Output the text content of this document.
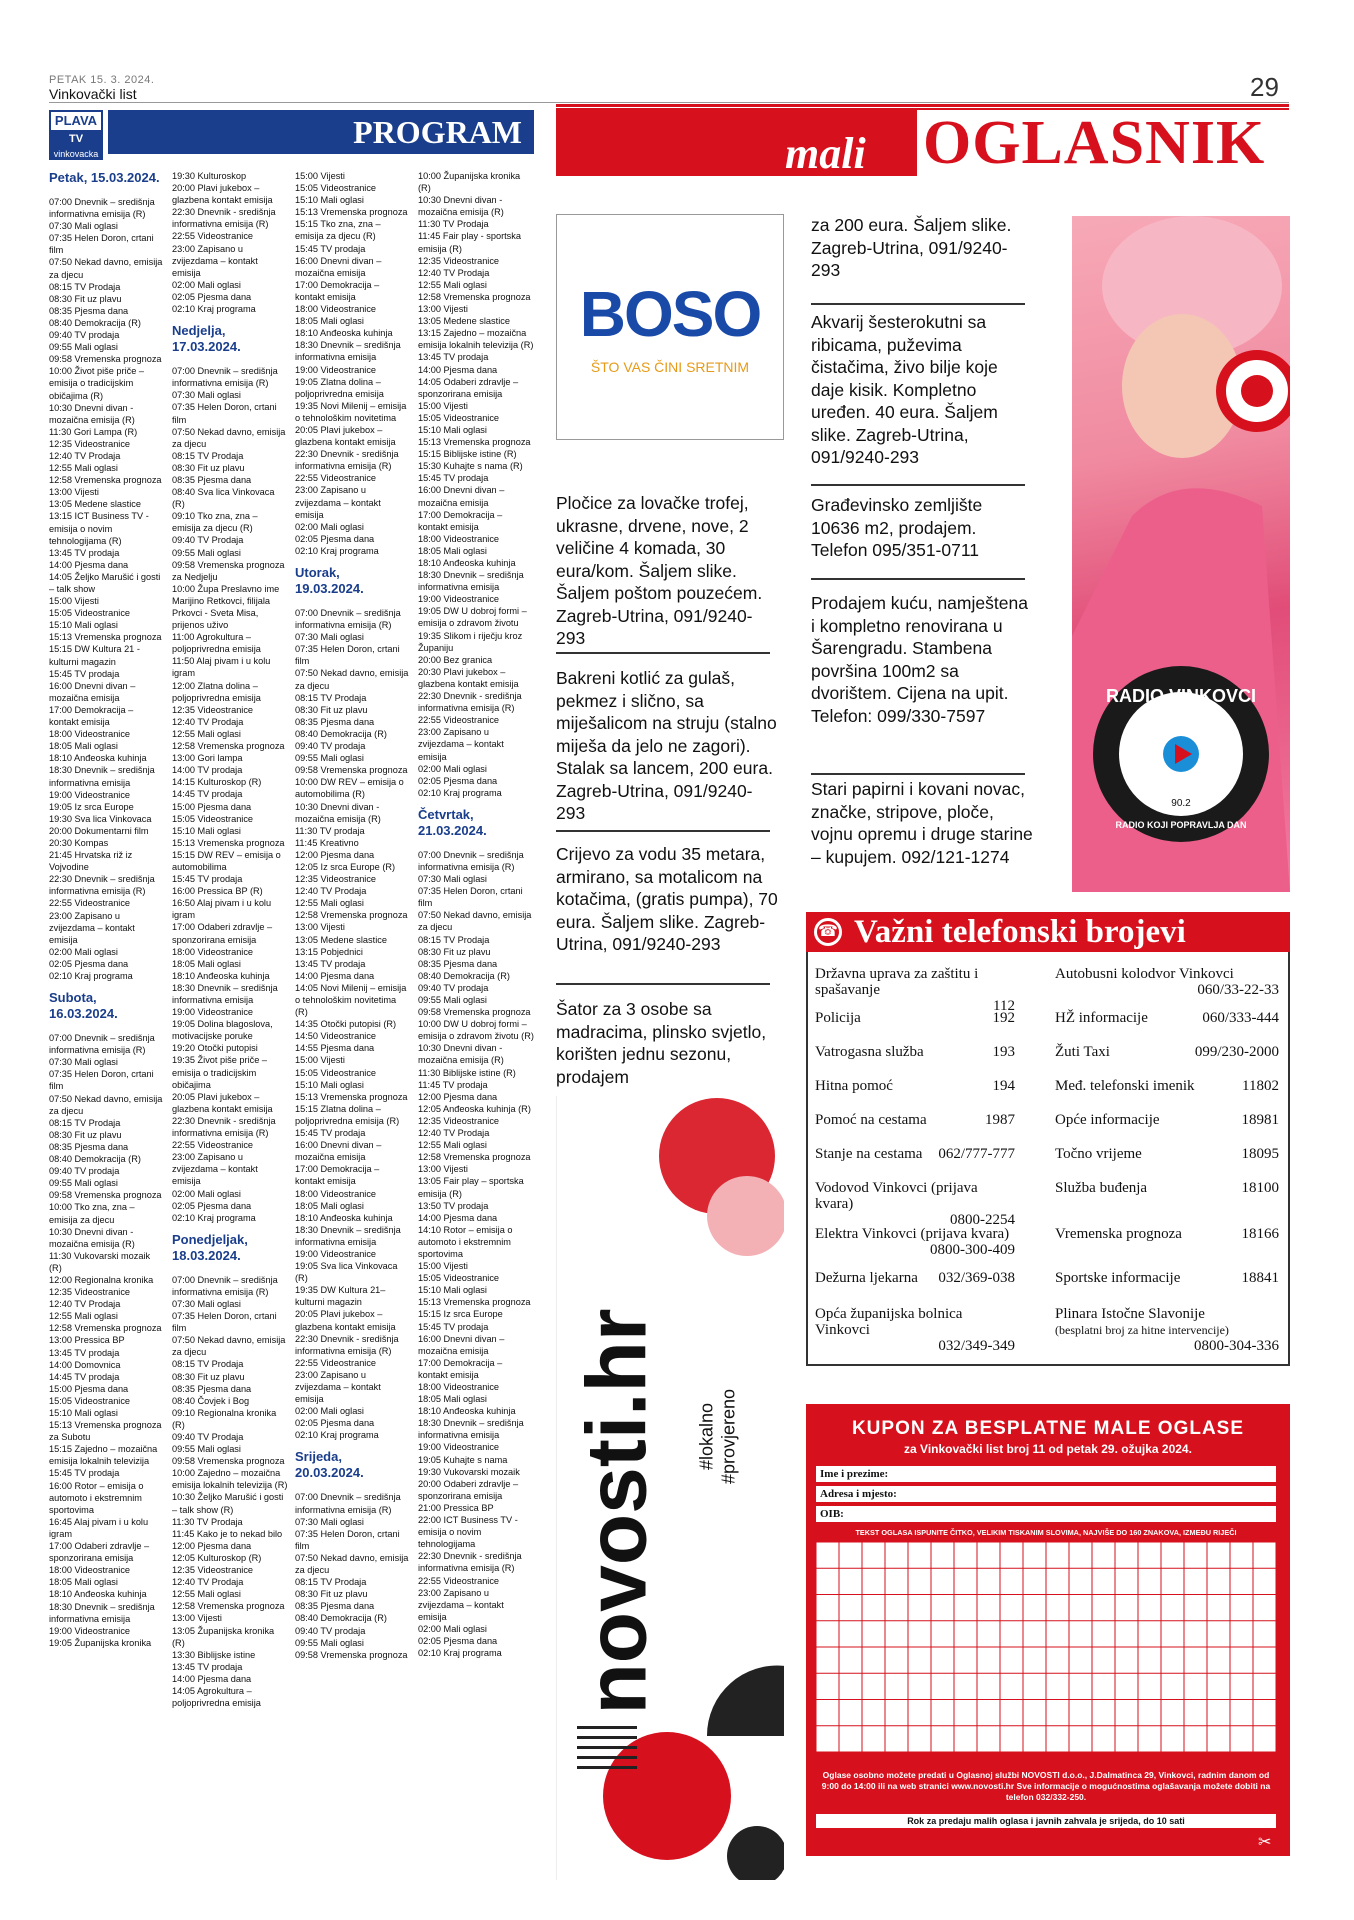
PETAK 15. 3. 2024.
Vinkovački list	29
PLAVA
TV
vinkovacka
PROGRAM
Petak, 15.03.2024.
07:00 Dnevnik – središnja informativna emisija (R)
07:30 Mali oglasi
07:35 Helen Doron, crtani film
07:50 Nekad davno, emisija za djecu
08:15 TV Prodaja
08:30 Fit uz plavu
08:35 Pjesma dana
08:40 Demokracija (R)
09:40 TV prodaja
09:55 Mali oglasi
09:58 Vremenska prognoza
10:00 Život piše priče – emisija o tradicijskim običajima (R)
10:30 Dnevni divan - mozaična emisija (R)
11:30 Gori Lampa (R)
12:35 Videostranice
12:40 TV Prodaja
12:55 Mali oglasi
12:58 Vremenska prognoza
13:00 Vijesti
13:05 Medene slastice
13:15 ICT Business TV - emisija o novim tehnologijama (R)
13:45 TV prodaja
14:00 Pjesma dana
14:05 Željko Marušić i gosti – talk show
15:00 Vijesti
15:05 Videostranice
15:10 Mali oglasi
15:13 Vremenska prognoza
15:15 DW Kultura 21 - kulturni magazin
15:45 TV prodaja
16:00 Dnevni divan – mozaična emisija
17:00 Demokracija – kontakt emisija
18:00 Videostranice
18:05 Mali oglasi
18:10 Anđeoska kuhinja
18:30 Dnevnik – središnja informativna emisija
19:00 Videostranice
19:05 Iz srca Europe
19:30 Sva lica Vinkovaca
20:00 Dokumentarni film
20:30 Kompas
21:45 Hrvatska riž iz Vojvodine
22:30 Dnevnik – središnja informativna emisija (R)
22:55 Videostranice
23:00 Zapisano u zvijezdama – kontakt emisija
02:00 Mali oglasi
02:05 Pjesma dana
02:10 Kraj programa
Subota, 16.03.2024.
07:00 Dnevnik – središnja informativna emisija (R)
07:30 Mali oglasi
07:35 Helen Doron, crtani film
07:50 Nekad davno, emisija za djecu
08:15 TV Prodaja
08:30 Fit uz plavu
08:35 Pjesma dana
08:40 Demokracija (R)
09:40 TV prodaja
09:55 Mali oglasi
09:58 Vremenska prognoza
10:00 Tko zna, zna – emisija za djecu
10:30 Dnevni divan - mozaična emisija (R)
11:30 Vukovarski mozaik (R)
12:00 Regionalna kronika
12:35 Videostranice
12:40 TV Prodaja
12:55 Mali oglasi
12:58 Vremenska prognoza
13:00 Pressica BP
13:45 TV prodaja
14:00 Domovnica
14:45 TV prodaja
15:00 Pjesma dana
15:05 Videostranice
15:10 Mali oglasi
15:13 Vremenska prognoza za Subotu
15:15 Zajedno – mozaična emisija lokalnih televizija
15:45 TV prodaja
16:00 Rotor – emisija o automoto i ekstremnim sportovima
16:45 Alaj pivam i u kolu igram
17:00 Odaberi zdravlje – sponzorirana emisija
18:00 Videostranice
18:05 Mali oglasi
18:10 Anđeoska kuhinja
18:30 Dnevnik – središnja informativna emisija
19:00 Videostranice
19:05 Županijska kronika
19:30 Kulturoskop
20:00 Plavi jukebox – glazbena kontakt emisija
22:30 Dnevnik - središnja informativna emisija (R)
22:55 Videostranice
23:00 Zapisano u zvijezdama – kontakt emisija
02:00 Mali oglasi
02:05 Pjesma dana
02:10 Kraj programa
Nedjelja, 17.03.2024.
07:00 Dnevnik – središnja informativna emisija (R)
07:30 Mali oglasi
07:35 Helen Doron, crtani film
07:50 Nekad davno, emisija za djecu
08:15 TV Prodaja
08:30 Fit uz plavu
08:35 Pjesma dana
08:40 Sva lica Vinkovaca (R)
09:10 Tko zna, zna – emisija za djecu (R)
09:40 TV Prodaja
09:55 Mali oglasi
09:58 Vremenska prognoza za Nedjelju
10:00 Župa Preslavno ime Marijino Retkovci, filijala Prkovci - Sveta Misa, prijenos uživo
11:00 Agrokultura – poljoprivredna emisija
11:50 Alaj pivam i u kolu igram
12:00 Zlatna dolina – poljoprivredna emisija
12:35 Videostranice
12:40 TV Prodaja
12:55 Mali oglasi
12:58 Vremenska prognoza
13:00 Gori lampa
14:00 TV prodaja
14:15 Kulturoskop (R)
14:45 TV prodaja
15:00 Pjesma dana
15:05 Videostranice
15:10 Mali oglasi
15:13 Vremenska prognoza
15:15 DW REV – emisija o automobilima
15:45 TV prodaja
16:00 Pressica BP (R)
16:50 Alaj pivam i u kolu igram
17:00 Odaberi zdravlje – sponzorirana emisija
18:00 Videostranice
18:05 Mali oglasi
18:10 Anđeoska kuhinja
18:30 Dnevnik – središnja informativna emisija
19:00 Videostranice
19:05 Dolina blagoslova, motivacijske poruke
19:20 Otočki putopisi
19:35 Život piše priče – emisija o tradicijskim običajima
20:05 Plavi jukebox – glazbena kontakt emisija
22:30 Dnevnik - središnja informativna emisija (R)
22:55 Videostranice
23:00 Zapisano u zvijezdama – kontakt emisija
02:00 Mali oglasi
02:05 Pjesma dana
02:10 Kraj programa
Ponedjeljak, 18.03.2024.
07:00 Dnevnik – središnja informativna emisija (R)
07:30 Mali oglasi
07:35 Helen Doron, crtani film
07:50 Nekad davno, emisija za djecu
08:15 TV Prodaja
08:30 Fit uz plavu
08:35 Pjesma dana
08:40 Čovjek i Bog
09:10 Regionalna kronika (R)
09:40 TV Prodaja
09:55 Mali oglasi
09:58 Vremenska prognoza
10:00 Zajedno – mozaična emisija lokalnih televizija (R)
10:30 Željko Marušić i gosti – talk show (R)
11:30 TV Prodaja
11:45 Kako je to nekad bilo
12:00 Pjesma dana
12:05 Kulturoskop (R)
12:35 Videostranice
12:40 TV Prodaja
12:55 Mali oglasi
12:58 Vremenska prognoza
13:00 Vijesti
13:05 Županijska kronika (R)
13:30 Biblijske istine
13:45 TV prodaja
14:00 Pjesma dana
14:05 Agrokultura – poljoprivredna emisija
15:00 Vijesti
15:05 Videostranice
15:10 Mali oglasi
15:13 Vremenska prognoza
15:15 Tko zna, zna – emisija za djecu (R)
15:45 TV prodaja
16:00 Dnevni divan – mozaična emisija
17:00 Demokracija – kontakt emisija
18:00 Videostranice
18:05 Mali oglasi
18:10 Anđeoska kuhinja
18:30 Dnevnik – središnja informativna emisija
19:00 Videostranice
19:05 Zlatna dolina – poljoprivredna emisija
19:35 Novi Milenij – emisija o tehnološkim novitetima
20:05 Plavi jukebox – glazbena kontakt emisija
22:30 Dnevnik - središnja informativna emisija (R)
22:55 Videostranice
23:00 Zapisano u zvijezdama – kontakt emisija
02:00 Mali oglasi
02:05 Pjesma dana
02:10 Kraj programa
Utorak, 19.03.2024.
07:00 Dnevnik – središnja informativna emisija (R)
07:30 Mali oglasi
07:35 Helen Doron, crtani film
07:50 Nekad davno, emisija za djecu
08:15 TV Prodaja
08:30 Fit uz plavu
08:35 Pjesma dana
08:40 Demokracija (R)
09:40 TV prodaja
09:55 Mali oglasi
09:58 Vremenska prognoza
10:00 DW REV – emisija o automobilima (R)
10:30 Dnevni divan - mozaična emisija (R)
11:30 TV prodaja
11:45 Kreativno
12:00 Pjesma dana
12:05 Iz srca Europe (R)
12:35 Videostranice
12:40 TV Prodaja
12:55 Mali oglasi
12:58 Vremenska prognoza
13:00 Vijesti
13:05 Medene slastice
13:15 Pobjednici
13:45 TV prodaja
14:00 Pjesma dana
14:05 Novi Milenij – emisija o tehnološkim novitetima (R)
14:35 Otočki putopisi (R)
14:50 Videostranice
14:55 Pjesma dana
15:00 Vijesti
15:05 Videostranice
15:10 Mali oglasi
15:13 Vremenska prognoza
15:15 Zlatna dolina – poljoprivredna emisija (R)
15:45 TV prodaja
16:00 Dnevni divan – mozaična emisija
17:00 Demokracija – kontakt emisija
18:00 Videostranice
18:05 Mali oglasi
18:10 Anđeoska kuhinja
18:30 Dnevnik – središnja informativna emisija
19:00 Videostranice
19:05 Sva lica Vinkovaca (R)
19:35 DW Kultura 21– kulturni magazin
20:05 Plavi jukebox – glazbena kontakt emisija
22:30 Dnevnik - središnja informativna emisija (R)
22:55 Videostranice
23:00 Zapisano u zvijezdama – kontakt emisija
02:00 Mali oglasi
02:05 Pjesma dana
02:10 Kraj programa
Srijeda, 20.03.2024.
07:00 Dnevnik – središnja informativna emisija (R)
07:30 Mali oglasi
07:35 Helen Doron, crtani film
07:50 Nekad davno, emisija za djecu
08:15 TV Prodaja
08:30 Fit uz plavu
08:35 Pjesma dana
08:40 Demokracija (R)
09:40 TV prodaja
09:55 Mali oglasi
09:58 Vremenska prognoza
10:00 Županijska kronika (R)
10:30 Dnevni divan - mozaična emisija (R)
11:30 TV Prodaja
11:45 Fair play - sportska emisija (R)
12:35 Videostranice
12:40 TV Prodaja
12:55 Mali oglasi
12:58 Vremenska prognoza
13:00 Vijesti
13:05 Medene slastice
13:15 Zajedno – mozaična emisija lokalnih televizija (R)
13:45 TV prodaja
14:00 Pjesma dana
14:05 Odaberi zdravlje – sponzorirana emisija
15:00 Vijesti
15:05 Videostranice
15:10 Mali oglasi
15:13 Vremenska prognoza
15:15 Biblijske istine (R)
15:30 Kuhajte s nama (R)
15:45 TV prodaja
16:00 Dnevni divan – mozaična emisija
17:00 Demokracija – kontakt emisija
18:00 Videostranice
18:05 Mali oglasi
18:10 Anđeoska kuhinja
18:30 Dnevnik – središnja informativna emisija
19:00 Videostranice
19:05 DW U dobroj formi – emisija o zdravom životu
19:35 Slikom i riječju kroz Županiju
20:00 Bez granica
20:30 Plavi jukebox – glazbena kontakt emisija
22:30 Dnevnik - središnja informativna emisija (R)
22:55 Videostranice
23:00 Zapisano u zvijezdama – kontakt emisija
02:00 Mali oglasi
02:05 Pjesma dana
02:10 Kraj programa
Četvrtak, 21.03.2024.
07:00 Dnevnik – središnja informativna emisija (R)
07:30 Mali oglasi
07:35 Helen Doron, crtani film
07:50 Nekad davno, emisija za djecu
08:15 TV Prodaja
08:30 Fit uz plavu
08:35 Pjesma dana
08:40 Demokracija (R)
09:40 TV prodaja
09:55 Mali oglasi
09:58 Vremenska prognoza
10:00 DW U dobroj formi – emisija o zdravom životu (R)
10:30 Dnevni divan - mozaična emisija (R)
11:30 Biblijske istine (R)
11:45 TV prodaja
12:00 Pjesma dana
12:05 Anđeoska kuhinja (R)
12:35 Videostranice
12:40 TV Prodaja
12:55 Mali oglasi
12:58 Vremenska prognoza
13:00 Vijesti
13:05 Fair play – sportska emisija (R)
13:50 TV prodaja
14:00 Pjesma dana
14:10 Rotor – emisija o automoto i ekstremnim sportovima
15:00 Vijesti
15:05 Videostranice
15:10 Mali oglasi
15:13 Vremenska prognoza
15:15 Iz srca Europe
15:45 TV prodaja
16:00 Dnevni divan – mozaična emisija
17:00 Demokracija – kontakt emisija
18:00 Videostranice
18:05 Mali oglasi
18:10 Anđeoska kuhinja
18:30 Dnevnik – središnja informativna emisija
19:00 Videostranice
19:05 Kuhajte s nama
19:30 Vukovarski mozaik
20:00 Odaberi zdravlje – sponzorirana emisija
21:00 Pressica BP
22:00 ICT Business TV - emisija o novim tehnologijama
22:30 Dnevnik - središnja informativna emisija (R)
22:55 Videostranice
23:00 Zapisano u zvijezdama – kontakt emisija
02:00 Mali oglasi
02:05 Pjesma dana
02:10 Kraj programa
mali OGLASNIK
BOSO
ŠTO VAS ČINI SRETNIM
Pločice za lovačke trofej, ukrasne, drvene, nove, 2 veličine 4 komada, 30 eura/kom. Šaljem slike. Šaljem poštom pouzećem. Zagreb-Utrina, 091/9240-293
Bakreni kotlić za gulaš, pekmez i slično, sa miješalicom na struju (stalno miješa da jelo ne zagori). Stalak sa lancem, 200 eura. Zagreb-Utrina, 091/9240-293
Crijevo za vodu 35 metara, armirano, sa motalicom na kotačima, (gratis pumpa), 70 eura. Šaljem slike. Zagreb-Utrina, 091/9240-293
Šator za 3 osobe sa madracima, plinsko svjetlo, korišten jednu sezonu, prodajem
novosti.hr #lokalno #provjereno
za 200 eura. Šaljem slike. Zagreb-Utrina, 091/9240-293
Akvarij šesterokutni sa ribicama, puževima čistačima, živo bilje koje daje kisik. Kompletno uređen. 40 eura. Šaljem slike. Zagreb-Utrina, 091/9240-293
Građevinsko zemljište 10636 m2, prodajem. Telefon 095/351-0711
Prodajem kuću, namještena i kompletno renovirana u Šarengradu. Stambena površina 100m2 sa dvorištem. Cijena na upit. Telefon: 099/330-7597
Stari papirni i kovani novac, značke, stripove, ploče, vojnu opremu i druge starine – kupujem. 092/121-1274
RADIO VINKOVCI
90.2
RADIO KOJI POPRAVLJA DAN
Važni telefonski brojevi
☎
Državna uprava za zaštitu i spašavanje
112
Policija	192
Vatrogasna služba	193
Hitna pomoć	194
Pomoć na cestama	1987
Stanje na cestama 062/777-777
Vodovod Vinkovci (prijava kvara)
0800-2254
Elektra Vinkovci (prijava kvara)
0800-300-409
Dežurna ljekarna 032/369-038
Opća županijska bolnica Vinkovci
032/349-349
Autobusni kolodvor Vinkovci
060/33-22-33
HŽ informacije	060/333-444
Žuti Taxi	099/230-2000
Međ. telefonski imenik	11802
Opće informacije	18981
Točno vrijeme	18095
Služba buđenja	18100
Vremenska prognoza	18166
Sportske informacije	18841
Plinara Istočne Slavonije
(besplatni broj za hitne intervencije)
0800-304-336
KUPON ZA BESPLATNE MALE OGLASE
za Vinkovački list broj 11 od petak 29. ožujka 2024.
Ime i prezime:
Adresa i mjesto:
OIB:
TEKST OGLASA ISPUNITE ČITKO, VELIKIM TISKANIM SLOVIMA, NAJVIŠE DO 160 ZNAKOVA, IZMEĐU RIJEČI
Oglase osobno možete predati u Oglasnoj službi NOVOSTI d.o.o., J.Dalmatinca 29, Vinkovci, radnim danom od 9:00 do 14:00 ili na web stranici www.novosti.hr Sve informacije o mogućnostima oglašavanja možete dobiti na telefon 032/332-250.
Rok za predaju malih oglasa i javnih zahvala je srijeda, do 10 sati
✂
